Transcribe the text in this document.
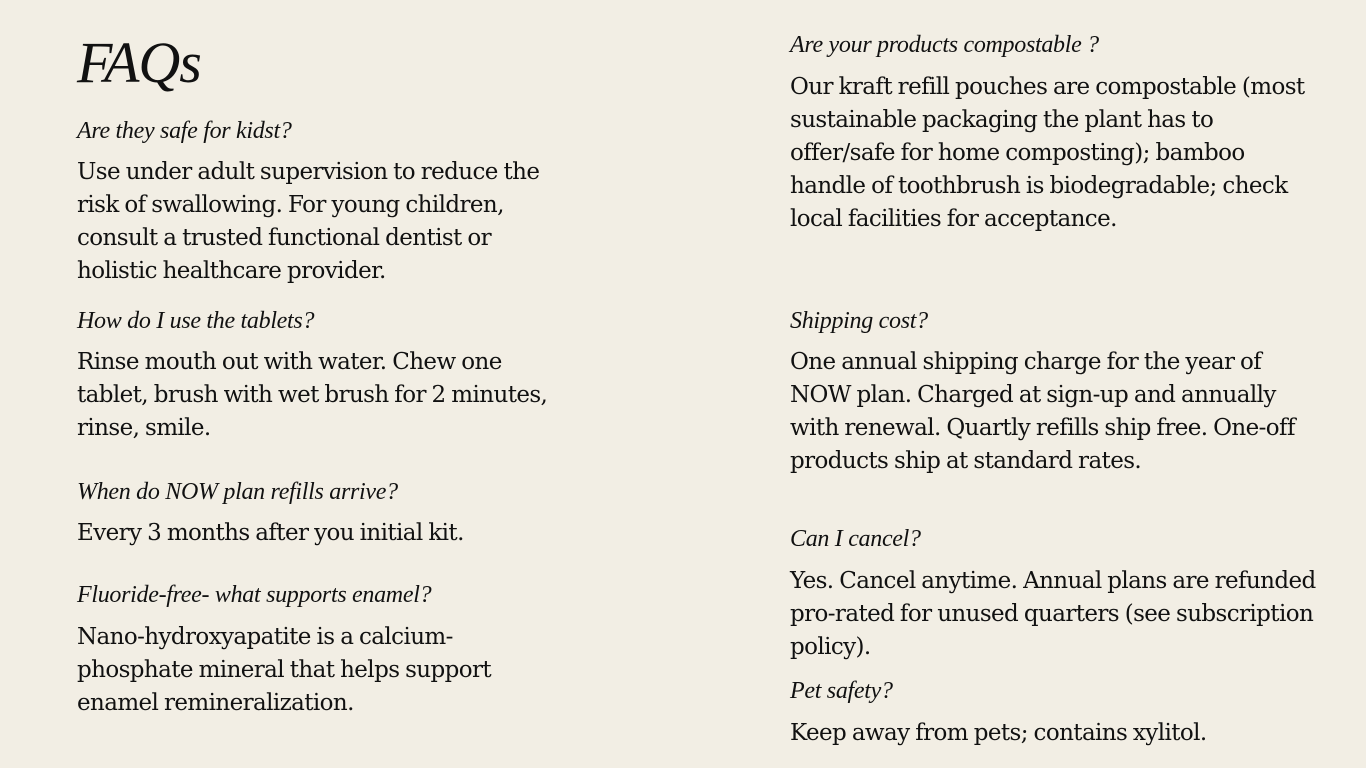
FAQs
Are they safe for kidst?
Use under adult supervision to reduce the risk of swallowing. For young children, consult a trusted functional dentist or holistic healthcare provider.
How do I use the tablets?
Rinse mouth out with water. Chew one tablet, brush with wet brush for 2 minutes, rinse, smile.
When do NOW plan refills arrive?
Every 3 months after you initial kit.
Fluoride-free- what supports enamel?
Nano-hydroxyapatite is a calcium-phosphate mineral that helps support enamel remineralization.
Are your products compostable ?
Our kraft refill pouches are compostable (most sustainable packaging the plant has to offer/safe for home composting); bamboo handle of toothbrush is biodegradable; check local facilities for acceptance.
Shipping cost?
One annual shipping charge for the year of NOW plan. Charged at sign-up and annually with renewal. Quartly refills ship free. One-off products ship at standard rates.
Can I cancel?
Yes. Cancel anytime. Annual plans are refunded pro-rated for unused quarters (see subscription policy).
Pet safety?
Keep away from pets; contains xylitol.
